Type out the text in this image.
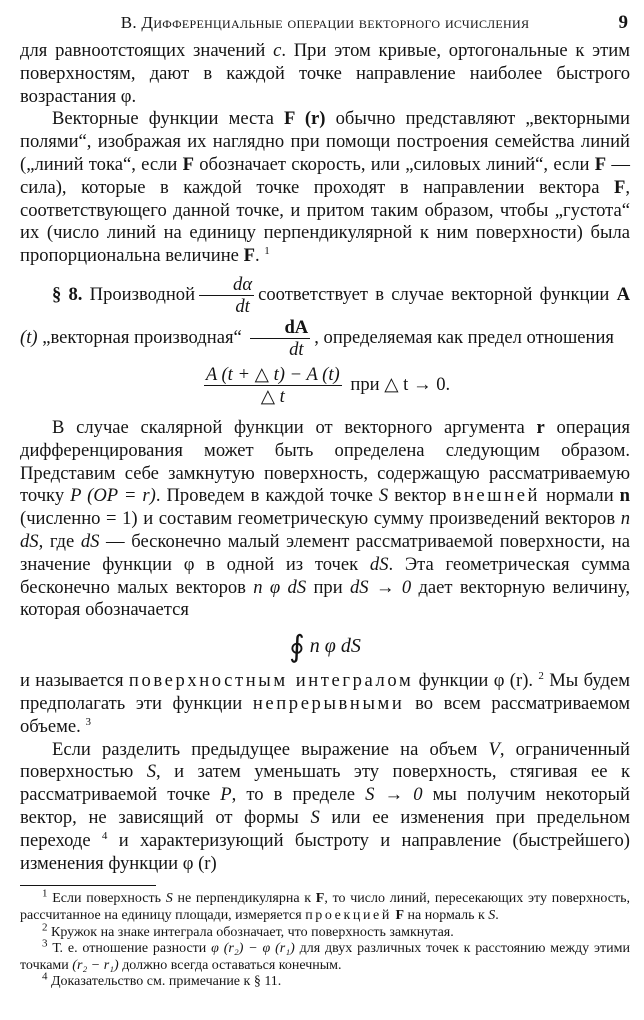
В. Дифференциальные операции векторного исчисления	9

для равноотстоящих значений c. При этом кривые, ортогональные к этим поверхностям, дают в каждой точке направление наиболее быстрого возрастания φ.

Векторные функции места F (r) обычно представляют „векторными полями“, изображая их наглядно при помощи построения семейства линий („линий тока“, если F обозначает скорость, или „силовых линий“, если F — сила), которые в каждой точке проходят в направлении вектора F, соответствующего данной точке, и притом таким образом, чтобы „густота“ их (число линий на единицу перпендикулярной к ним поверхности) была пропорциональна величине F. $^1$

§ 8. Производной $\frac{d\alpha}{dt}$ соответствует в случае векторной функции A (t) „векторная производная“ $\frac{dA}{dt}$ , определяемая как предел отношения

$\frac{A (t + \triangle t) - A (t)}{\triangle t}$ при △ t → 0.

В случае скалярной функции от векторного аргумента r операция дифференцирования может быть определена следующим образом. Представим себе замкнутую поверхность, содержащую рассматриваемую точку P (OP = r). Проведем в каждой точке S вектор внешней нормали n (численно = 1) и составим геометрическую сумму произведений векторов n dS, где dS — бесконечно малый элемент рассматриваемой поверхности, на значение функции φ в одной из точек dS. Эта геометрическая сумма бесконечно малых векторов n φ dS при dS → 0 дает векторную величину, которая обозначается

∮ n φ dS

и называется поверхностным интегралом функции φ (r). $^2$ Мы будем предполагать эти функции непрерывными во всем рассматриваемом объеме. $^3$

Если разделить предыдущее выражение на объем V, ограниченный поверхностью S, и затем уменьшать эту поверхность, стягивая ее к рассматриваемой точке P, то в пределе S → 0 мы получим некоторый вектор, не зависящий от формы S или ее изменения при предельном переходе $^4$ и характеризующий быстроту и направление (быстрейшего) изменения функции φ (r)

$^1$ Если поверхность S не перпендикулярна к F, то число линий, пересекающих эту поверхность, рассчитанное на единицу площади, измеряется проекцией F на нормаль к S.

$^2$ Кружок на знаке интеграла обозначает, что поверхность замкнутая.

$^3$ Т. е. отношение разности φ (r₂) − φ (r₁) для двух различных точек к расстоянию между этими точками (r₂ − r₁) должно всегда оставаться конечным.

$^4$ Доказательство см. примечание к § 11.
